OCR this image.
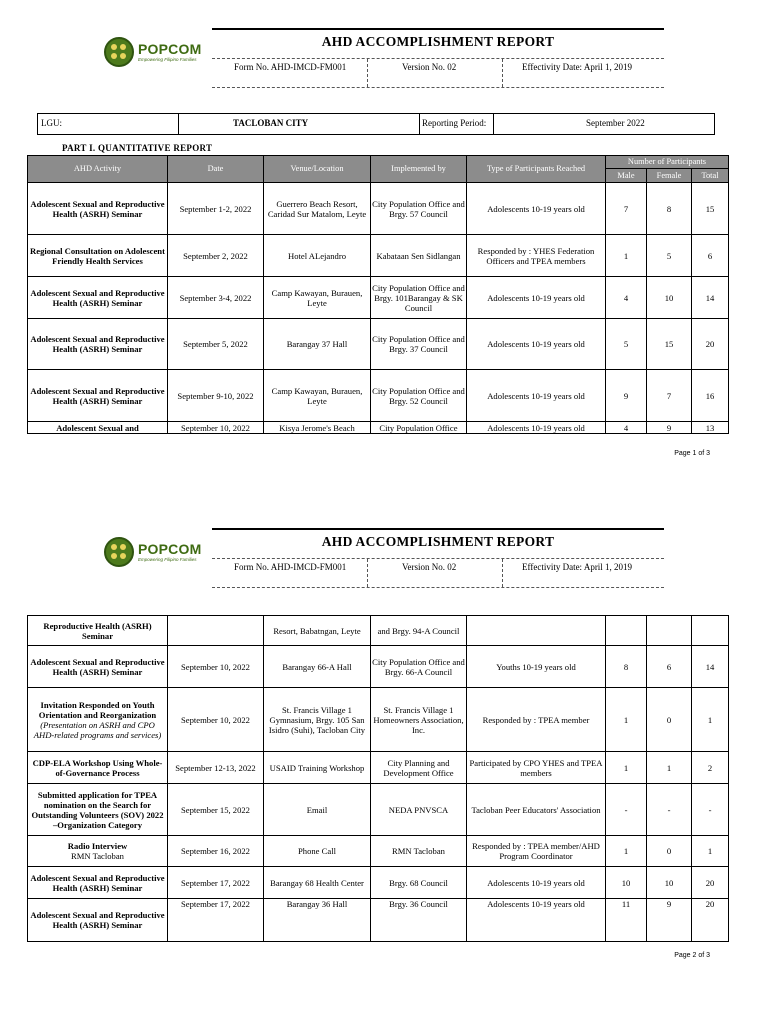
POPCOM
Empowering Filipino Families
AHD ACCOMPLISHMENT REPORT
Form No. AHD-IMCD-FM001	Version No. 02	Effectivity Date: April 1, 2019
LGU:	TACLOBAN CITY	Reporting Period:	September 2022
PART I. QUANTITATIVE REPORT
AHD Activity	Date	Venue/Location	Implemented by	Type of Participants Reached	Number of Participants		
					Male	Female	Total
Adolescent Sexual and Reproductive Health (ASRH) Seminar	September 1-2, 2022	Guerrero Beach Resort, Caridad Sur Matalom, Leyte	City Population Office and Brgy. 57 Council	Adolescents 10-19 years old	7	8	15
Regional Consultation on Adolescent Friendly Health Services	September 2, 2022	Hotel ALejandro	Kabataan Sen Sidlangan	Responded by : YHES Federation Officers and TPEA members	1	5	6
Adolescent Sexual and Reproductive Health (ASRH) Seminar	September 3-4, 2022	Camp Kawayan, Burauen, Leyte	City Population Office and Brgy. 101Barangay & SK Council	Adolescents 10-19 years old	4	10	14
Adolescent Sexual and Reproductive Health (ASRH) Seminar	September 5, 2022	Barangay 37 Hall	City Population Office and Brgy. 37 Council	Adolescents 10-19 years old	5	15	20
Adolescent Sexual and Reproductive Health (ASRH) Seminar	September 9-10, 2022	Camp Kawayan, Burauen, Leyte	City Population Office and Brgy. 52 Council	Adolescents 10-19 years old	9	7	16
Adolescent Sexual and	September 10, 2022	Kisya Jerome's Beach	City Population Office	Adolescents 10-19 years old	4	9	13
Page 1 of 3
POPCOM
Empowering Filipino Families
AHD ACCOMPLISHMENT REPORT
Form No. AHD-IMCD-FM001	Version No. 02	Effectivity Date: April 1, 2019
Reproductive Health (ASRH) Seminar		Resort, Babatngan, Leyte	and Brgy. 94-A Council				
Adolescent Sexual and Reproductive Health (ASRH) Seminar	September 10, 2022	Barangay 66-A Hall	City Population Office and Brgy. 66-A Council	Youths 10-19 years old	8	6	14
Invitation Responded on Youth Orientation and Reorganization
(Presentation on ASRH and CPO AHD-related programs and services)	September 10, 2022	St. Francis Village 1 Gymnasium, Brgy. 105 San Isidro (Suhi), Tacloban City	St. Francis Village 1 Homeowners Association, Inc.	Responded by : TPEA member	1	0	1
CDP-ELA Workshop Using Whole-of-Governance Process	September 12-13, 2022	USAID Training Workshop	City Planning and Development Office	Participated by CPO YHES and TPEA members	1	1	2
Submitted application for TPEA nomination on the Search for Outstanding Volunteers (SOV) 2022 –Organization Category	September 15, 2022	Email	NEDA PNVSCA	Tacloban Peer Educators' Association	-	-	-
Radio Interview
RMN Tacloban	September 16, 2022	Phone Call	RMN Tacloban	Responded by : TPEA member/AHD Program Coordinator	1	0	1
Adolescent Sexual and Reproductive Health (ASRH) Seminar	September 17, 2022	Barangay 68 Health Center	Brgy. 68 Council	Adolescents 10-19 years old	10	10	20
Adolescent Sexual and Reproductive Health (ASRH) Seminar	September 17, 2022	Barangay 36 Hall	Brgy. 36 Council	Adolescents 10-19 years old	11	9	20
Page 2 of 3
